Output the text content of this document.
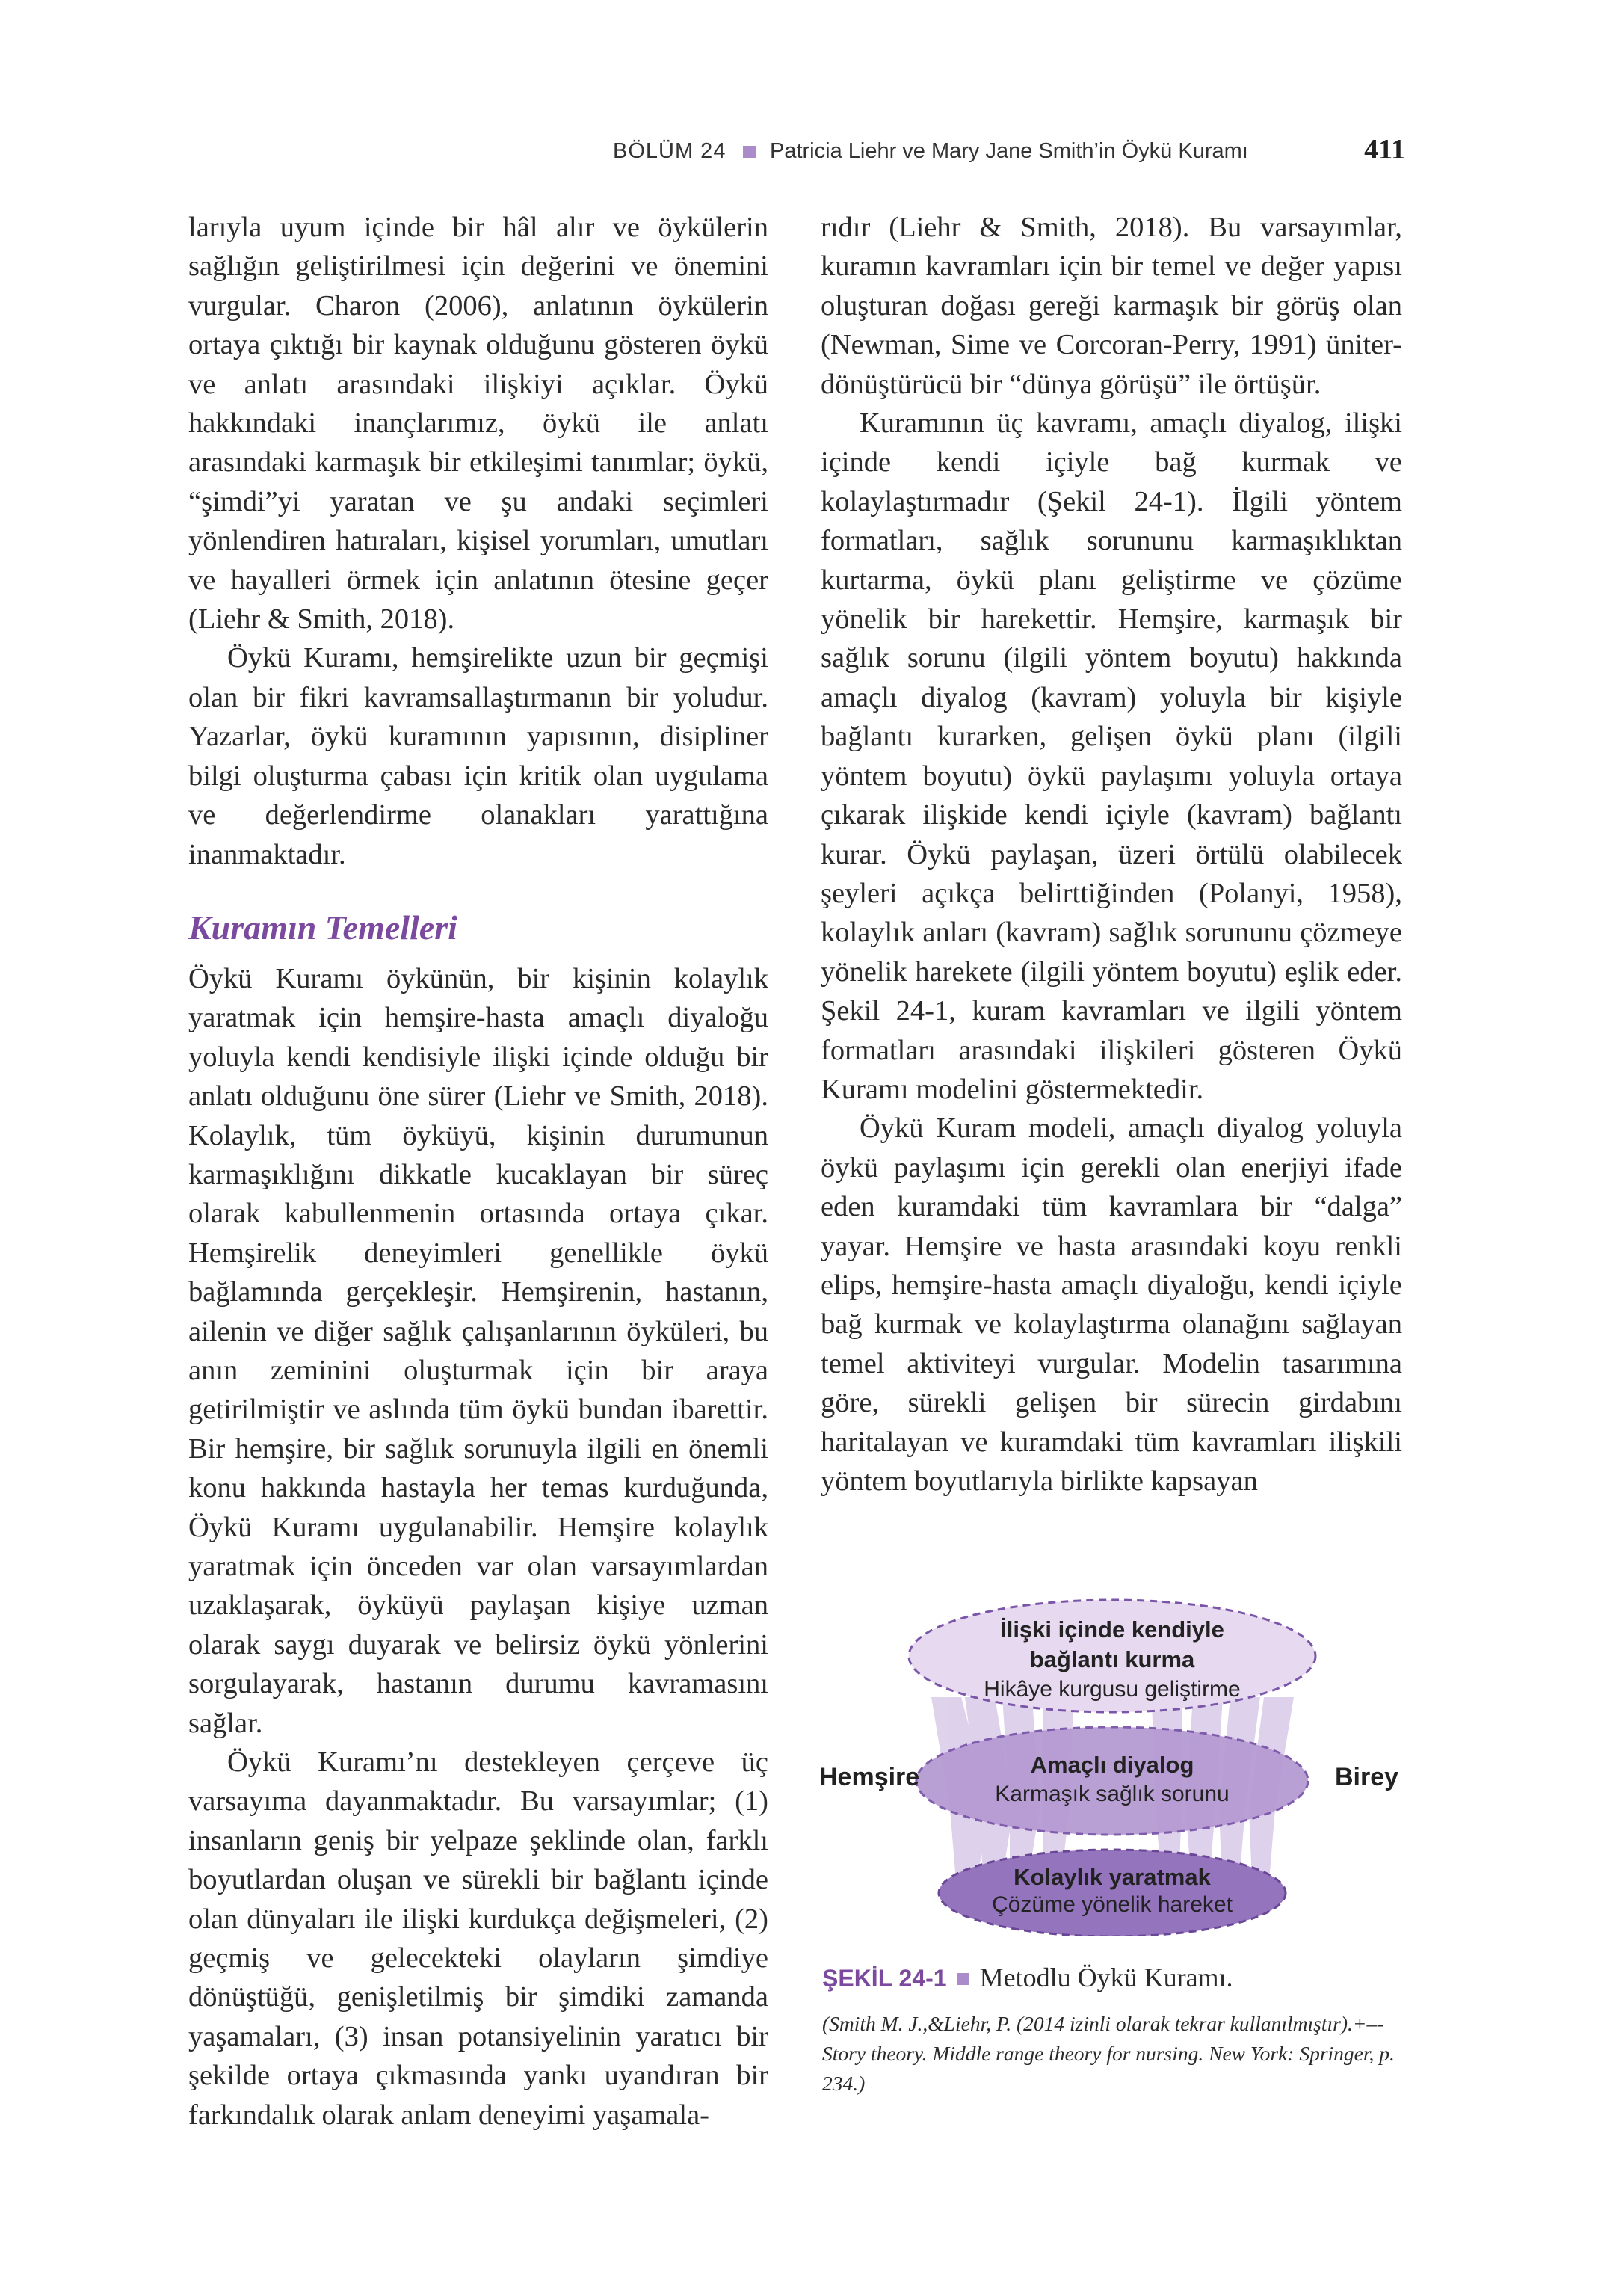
BÖLÜM 24 Patricia Liehr ve Mary Jane Smith’in Öykü Kuramı	411

larıyla uyum içinde bir hâl alır ve öykülerin sağlığın geliştirilmesi için değerini ve önemini vurgular. Charon (2006), anlatının öykülerin ortaya çıktığı bir kaynak olduğunu gösteren öykü ve anlatı arasındaki ilişkiyi açıklar. Öykü hakkındaki inançlarımız, öykü ile anlatı arasındaki karmaşık bir etkileşimi tanımlar; öykü, “şimdi”yi yaratan ve şu andaki seçimleri yönlendiren hatıraları, kişisel yorumları, umutları ve hayalleri örmek için anlatının ötesine geçer (Liehr & Smith, 2018).

Öykü Kuramı, hemşirelikte uzun bir geçmişi olan bir fikri kavramsallaştırmanın bir yoludur. Yazarlar, öykü kuramının yapısının, disipliner bilgi oluşturma çabası için kritik olan uygulama ve değerlendirme olanakları yarattığına inanmaktadır.

Kuramın Temelleri

Öykü Kuramı öykünün, bir kişinin kolaylık yaratmak için hemşire-hasta amaçlı diyaloğu yoluyla kendi kendisiyle ilişki içinde olduğu bir anlatı olduğunu öne sürer (Liehr ve Smith, 2018). Kolaylık, tüm öyküyü, kişinin durumunun karmaşıklığını dikkatle kucaklayan bir süreç olarak kabullenmenin ortasında ortaya çıkar. Hemşirelik deneyimleri genellikle öykü bağlamında gerçekleşir. Hemşirenin, hastanın, ailenin ve diğer sağlık çalışanlarının öyküleri, bu anın zeminini oluşturmak için bir araya getirilmiştir ve aslında tüm öykü bundan ibarettir. Bir hemşire, bir sağlık sorunuyla ilgili en önemli konu hakkında hastayla her temas kurduğunda, Öykü Kuramı uygulanabilir. Hemşire kolaylık yaratmak için önceden var olan varsayımlardan uzaklaşarak, öyküyü paylaşan kişiye uzman olarak saygı duyarak ve belirsiz öykü yönlerini sorgulayarak, hastanın durumu kavramasını sağlar.

Öykü Kuramı’nı destekleyen çerçeve üç varsayıma dayanmaktadır. Bu varsayımlar; (1) insanların geniş bir yelpaze şeklinde olan, farklı boyutlardan oluşan ve sürekli bir bağlantı içinde olan dünyaları ile ilişki kurdukça değişmeleri, (2) geçmiş ve gelecekteki olayların şimdiye dönüştüğü, genişletilmiş bir şimdiki zamanda yaşamaları, (3) insan potansiyelinin yaratıcı bir şekilde ortaya çıkmasında yankı uyandıran bir farkındalık olarak anlam deneyimi yaşamala-

rıdır (Liehr & Smith, 2018). Bu varsayımlar, kuramın kavramları için bir temel ve değer yapısı oluşturan doğası gereği karmaşık bir görüş olan (Newman, Sime ve Corcoran-Perry, 1991) üniter-dönüştürücü bir “dünya görüşü” ile örtüşür.

Kuramının üç kavramı, amaçlı diyalog, ilişki içinde kendi içiyle bağ kurmak ve kolaylaştırmadır (Şekil 24-1). İlgili yöntem formatları, sağlık sorununu karmaşıklıktan kurtarma, öykü planı geliştirme ve çözüme yönelik bir harekettir. Hemşire, karmaşık bir sağlık sorunu (ilgili yöntem boyutu) hakkında amaçlı diyalog (kavram) yoluyla bir kişiyle bağlantı kurarken, gelişen öykü planı (ilgili yöntem boyutu) öykü paylaşımı yoluyla ortaya çıkarak ilişkide kendi içiyle (kavram) bağlantı kurar. Öykü paylaşan, üzeri örtülü olabilecek şeyleri açıkça belirttiğinden (Polanyi, 1958), kolaylık anları (kavram) sağlık sorununu çözmeye yönelik harekete (ilgili yöntem boyutu) eşlik eder. Şekil 24-1, kuram kavramları ve ilgili yöntem formatları arasındaki ilişkileri gösteren Öykü Kuramı modelini göstermektedir.

Öykü Kuram modeli, amaçlı diyalog yoluyla öykü paylaşımı için gerekli olan enerjiyi ifade eden kuramdaki tüm kavramlara bir “dalga” yayar. Hemşire ve hasta arasındaki koyu renkli elips, hemşire-hasta amaçlı diyaloğu, kendi içiyle bağ kurmak ve kolaylaştırma olanağını sağlayan temel aktiviteyi vurgular. Modelin tasarımına göre, sürekli gelişen bir sürecin girdabını haritalayan ve kuramdaki tüm kavramları ilişkili yöntem boyutlarıyla birlikte kapsayan

İlişki içinde kendiyle
bağlantı kurma
Hikâye kurgusu geliştirme
Amaçlı diyalog
Karmaşık sağlık sorunu
Kolaylık yaratmak
Çözüme yönelik hareket
Hemşire	Birey
ŞEKİL 24-1 Metodlu Öykü Kuramı.
(Smith M. J.,&Liehr, P. (2014 izinli olarak tekrar kullanılmıştır).+–- Story theory. Middle range theory for nursing. New York: Springer, p. 234.)
